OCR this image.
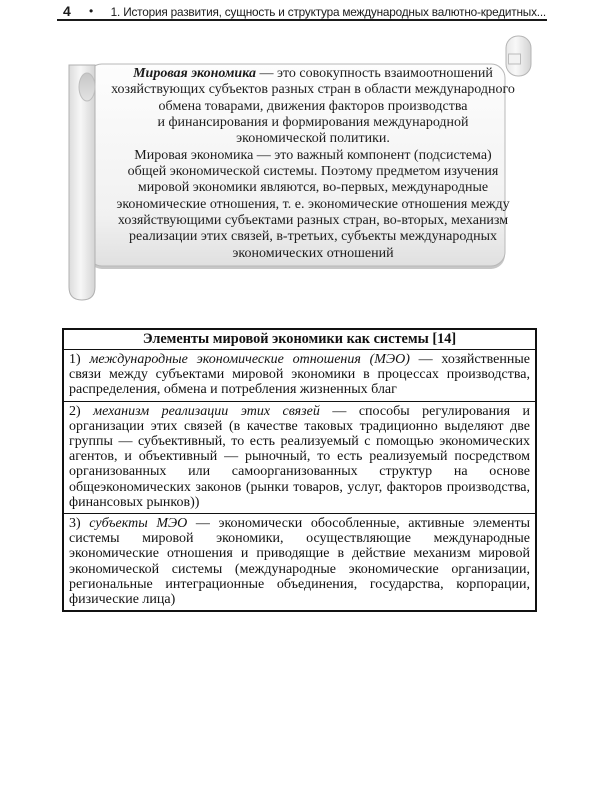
4 • 1. История развития, сущность и структура международных валютно-кредитных...
Мировая экономика — это совокупность взаимоотношений
хозяйствующих субъектов разных стран в области международного
обмена товарами, движения факторов производства
и финансирования и формирования международной
экономической политики.
Мировая экономика — это важный компонент (подсистема)
общей экономической системы. Поэтому предметом изучения
мировой экономики являются, во-первых, международные
экономические отношения, т. е. экономические отношения между
хозяйствующими субъектами разных стран, во-вторых, механизм
реализации этих связей, в-третьих, субъекты международных
экономических отношений
Элементы мировой экономики как системы [14]
1) международные экономические отношения (МЭО) — хозяйственные связи между субъектами мировой экономики в процессах производства, распределения, обмена и потребления жизненных благ
2) механизм реализации этих связей — способы регулирования и организации этих связей (в качестве таковых традиционно выделяют две группы — субъективный, то есть реализуемый с помощью экономических агентов, и объективный — рыночный, то есть реализуемый посредством организованных или самоорганизованных структур на основе общеэкономических законов (рынки товаров, услуг, факторов производства, финансовых рынков))
3) субъекты МЭО — экономически обособленные, активные элементы системы мировой экономики, осуществляющие международные экономические отношения и приводящие в действие механизм мировой экономической системы (международные экономические организации, региональные интеграционные объединения, государства, корпорации, физические лица)
